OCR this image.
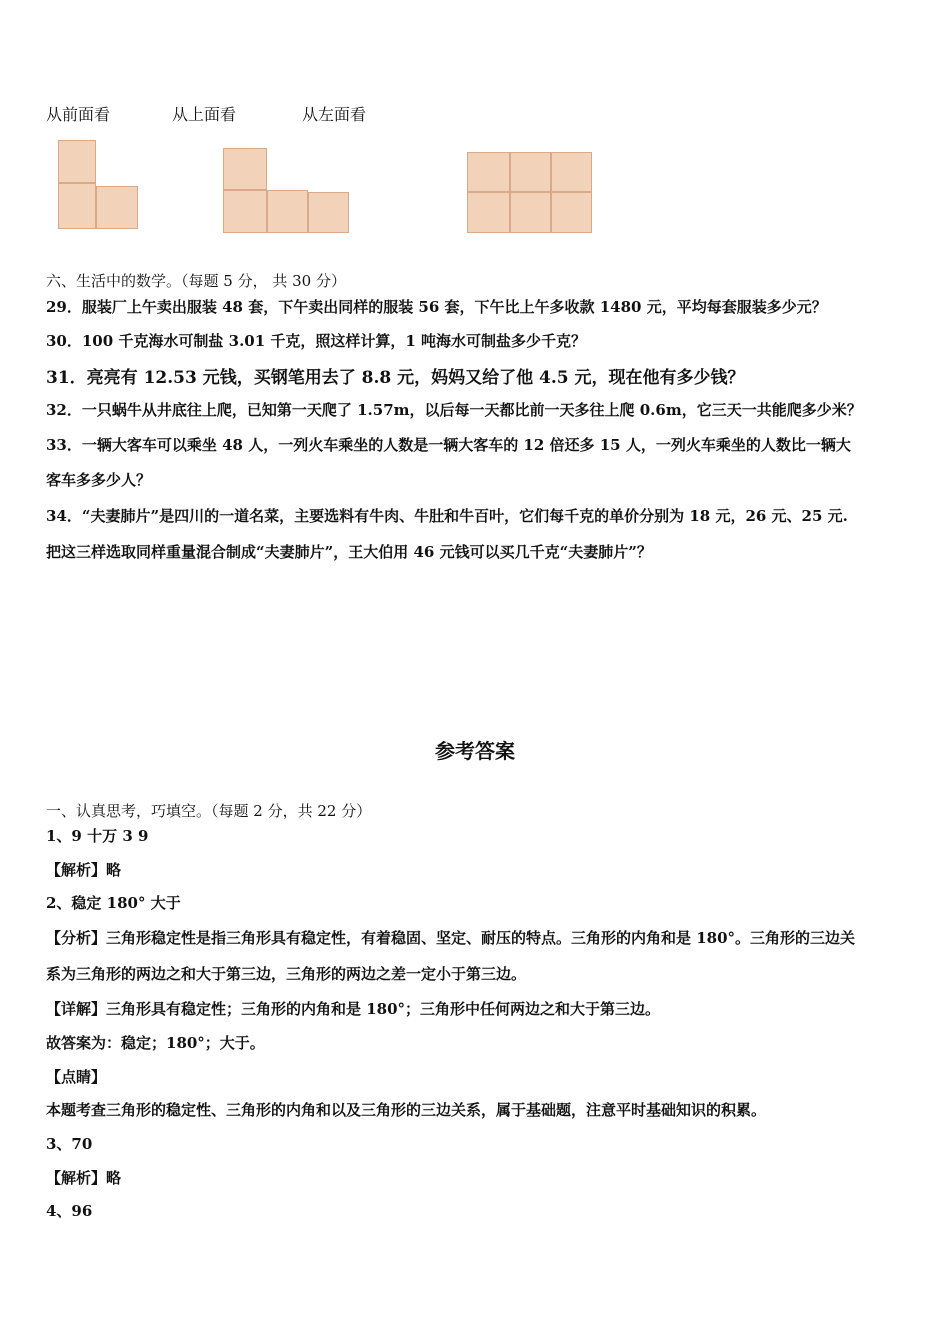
从前面看	从上面看	从左面看
六、生活中的数学。（每题 5 分， 共 30 分）
29．服装厂上午卖出服装 48 套，下午卖出同样的服装 56 套，下午比上午多收款 1480 元，平均每套服装多少元？
30．100 千克海水可制盐 3.01 千克，照这样计算，1 吨海水可制盐多少千克？
31．亮亮有 12.53 元钱，买钢笔用去了 8.8 元，妈妈又给了他 4.5 元，现在他有多少钱？
32．一只蜗牛从井底往上爬，已知第一天爬了 1.57m，以后每一天都比前一天多往上爬 0.6m，它三天一共能爬多少米？
33．一辆大客车可以乘坐 48 人，一列火车乘坐的人数是一辆大客车的 12 倍还多 15 人，一列火车乘坐的人数比一辆大
客车多多少人？
34．“夫妻肺片”是四川的一道名菜，主要选料有牛肉、牛肚和牛百叶，它们每千克的单价分别为 18 元，26 元、25 元.
把这三样选取同样重量混合制成“夫妻肺片”，王大伯用 46 元钱可以买几千克“夫妻肺片”？
参考答案
一、认真思考，巧填空。（每题 2 分，共 22 分）
1、9 十万 3 9
【解析】略
2、稳定 180° 大于
【分析】三角形稳定性是指三角形具有稳定性，有着稳固、坚定、耐压的特点。三角形的内角和是 180°。三角形的三边关
系为三角形的两边之和大于第三边，三角形的两边之差一定小于第三边。
【详解】三角形具有稳定性；三角形的内角和是 180°；三角形中任何两边之和大于第三边。
故答案为：稳定；180°；大于。
【点睛】
本题考查三角形的稳定性、三角形的内角和以及三角形的三边关系，属于基础题，注意平时基础知识的积累。
3、70
【解析】略
4、96
